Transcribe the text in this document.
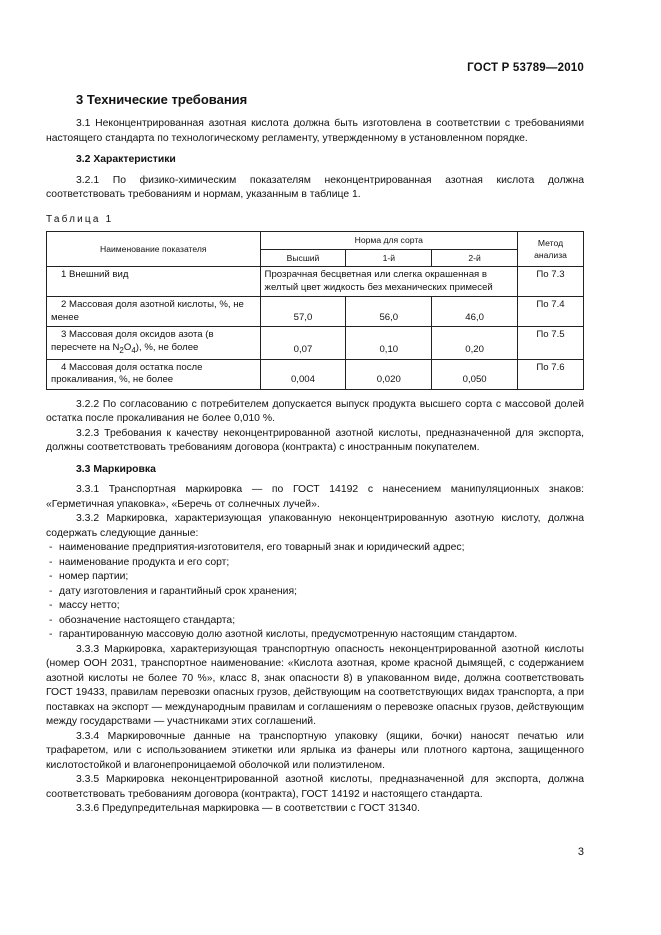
ГОСТ Р 53789—2010
3 Технические требования

3.1 Неконцентрированная азотная кислота должна быть изготовлена в соответствии с требованиями настоящего стандарта по технологическому регламенту, утвержденному в установленном порядке.

3.2 Характеристики

3.2.1 По физико-химическим показателям неконцентрированная азотная кислота должна соответствовать требованиям и нормам, указанным в таблице 1.

Таблица 1
Наименование показателя	Норма для сорта			Метод анализа
	Высший	1-й	2-й	

1 Внешний вид	Прозрачная бесцветная или слегка окрашенная в желтый цвет жидкость без механических примесей			По 7.3

2 Массовая доля азотной кислоты, %, не менее	57,0	56,0	46,0	По 7.4

3 Массовая доля оксидов азота (в пересчете на $N_2O_4$), %, не более	0,07	0,10	0,20	По 7.5

4 Массовая доля остатка после прокаливания, %, не более	0,004	0,020	0,050	По 7.6

3.2.2 По согласованию с потребителем допускается выпуск продукта высшего сорта с массовой долей остатка после прокаливания не более 0,010 %.

3.2.3 Требования к качеству неконцентрированной азотной кислоты, предназначенной для экспорта, должны соответствовать требованиям договора (контракта) с иностранным покупателем.

3.3 Маркировка

3.3.1 Транспортная маркировка — по ГОСТ 14192 с нанесением манипуляционных знаков: «Герметичная упаковка», «Беречь от солнечных лучей».

3.3.2 Маркировка, характеризующая упакованную неконцентрированную азотную кислоту, должна содержать следующие данные:

- наименование предприятия-изготовителя, его товарный знак и юридический адрес;
- наименование продукта и его сорт;
- номер партии;
- дату изготовления и гарантийный срок хранения;
- массу нетто;
- обозначение настоящего стандарта;
- гарантированную массовую долю азотной кислоты, предусмотренную настоящим стандартом.

3.3.3 Маркировка, характеризующая транспортную опасность неконцентрированной азотной кислоты (номер ООН 2031, транспортное наименование: «Кислота азотная, кроме красной дымящей, с содержанием азотной кислоты не более 70 %», класс 8, знак опасности 8) в упакованном виде, должна соответствовать ГОСТ 19433, правилам перевозки опасных грузов, действующим на соответствующих видах транспорта, а при поставках на экспорт — международным правилам и соглашениям о перевозке опасных грузов, действующим между государствами — участниками этих соглашений.

3.3.4 Маркировочные данные на транспортную упаковку (ящики, бочки) наносят печатью или трафаретом, или с использованием этикетки или ярлыка из фанеры или плотного картона, защищенного кислотостойкой и влагонепроницаемой оболочкой или полиэтиленом.

3.3.5 Маркировка неконцентрированной азотной кислоты, предназначенной для экспорта, должна соответствовать требованиям договора (контракта), ГОСТ 14192 и настоящего стандарта.

3.3.6 Предупредительная маркировка — в соответствии с ГОСТ 31340.

3
